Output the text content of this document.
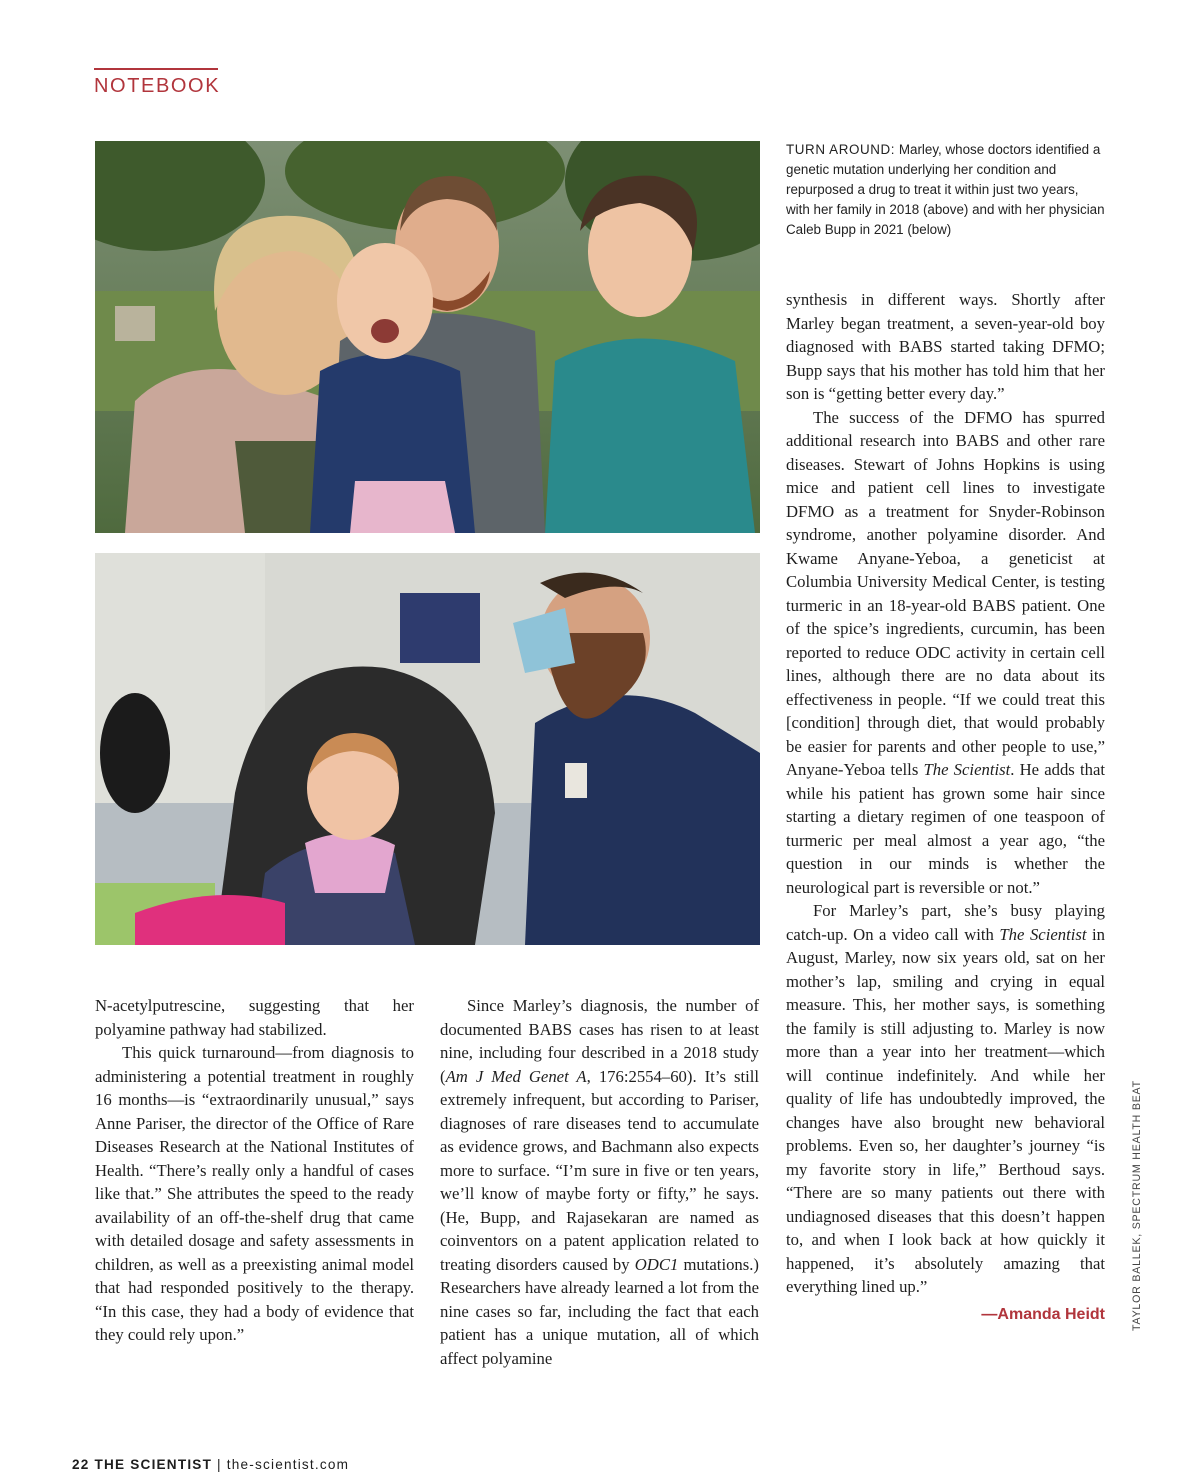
NOTEBOOK
TURN AROUND: Marley, whose doctors identified a genetic mutation underlying her condition and repurposed a drug to treat it within just two years, with her family in 2018 (above) and with her physician Caleb Bupp in 2021 (below)

N-acetylputrescine, suggesting that her polyamine pathway had stabilized.

This quick turnaround—from diagnosis to administering a potential treatment in roughly 16 months—is “extraordinarily unusual,” says Anne Pariser, the director of the Office of Rare Diseases Research at the National Institutes of Health. “There’s really only a handful of cases like that.” She attributes the speed to the ready availability of an off-the-shelf drug that came with detailed dosage and safety assessments in children, as well as a preexisting animal model that had responded positively to the therapy. “In this case, they had a body of evidence that they could rely upon.”

Since Marley’s diagnosis, the number of documented BABS cases has risen to at least nine, including four described in a 2018 study (Am J Med Genet A, 176:2554–60). It’s still extremely infrequent, but according to Pariser, diagnoses of rare diseases tend to accumulate as evidence grows, and Bachmann also expects more to surface. “I’m sure in five or ten years, we’ll know of maybe forty or fifty,” he says. (He, Bupp, and Rajasekaran are named as coinventors on a patent application related to treating disorders caused by ODC1 mutations.) Researchers have already learned a lot from the nine cases so far, including the fact that each patient has a unique mutation, all of which affect polyamine

synthesis in different ways. Shortly after Marley began treatment, a seven-year-old boy diagnosed with BABS started taking DFMO; Bupp says that his mother has told him that her son is “getting better every day.”

The success of the DFMO has spurred additional research into BABS and other rare diseases. Stewart of Johns Hopkins is using mice and patient cell lines to investigate DFMO as a treatment for Snyder-Robinson syndrome, another polyamine disorder. And Kwame Anyane-Yeboa, a geneticist at Columbia University Medical Center, is testing turmeric in an 18-year-old BABS patient. One of the spice’s ingredients, curcumin, has been reported to reduce ODC activity in certain cell lines, although there are no data about its effectiveness in people. “If we could treat this [condition] through diet, that would probably be easier for parents and other people to use,” Anyane-Yeboa tells The Scientist. He adds that while his patient has grown some hair since starting a dietary regimen of one teaspoon of turmeric per meal almost a year ago, “the question in our minds is whether the neurological part is reversible or not.”

For Marley’s part, she’s busy playing catch-up. On a video call with The Scientist in August, Marley, now six years old, sat on her mother’s lap, smiling and crying in equal measure. This, her mother says, is something the family is still adjusting to. Marley is now more than a year into her treatment—which will continue indefinitely. And while her quality of life has undoubtedly improved, the changes have also brought new behavioral problems. Even so, her daughter’s journey “is my favorite story in life,” Berthoud says. “There are so many patients out there with undiagnosed diseases that this doesn’t happen to, and when I look back at how quickly it happened, it’s absolutely amazing that everything lined up.”

—Amanda Heidt TAYLOR BALLEK, SPECTRUM HEALTH BEAT
22 THE SCIENTIST | the-scientist.com
